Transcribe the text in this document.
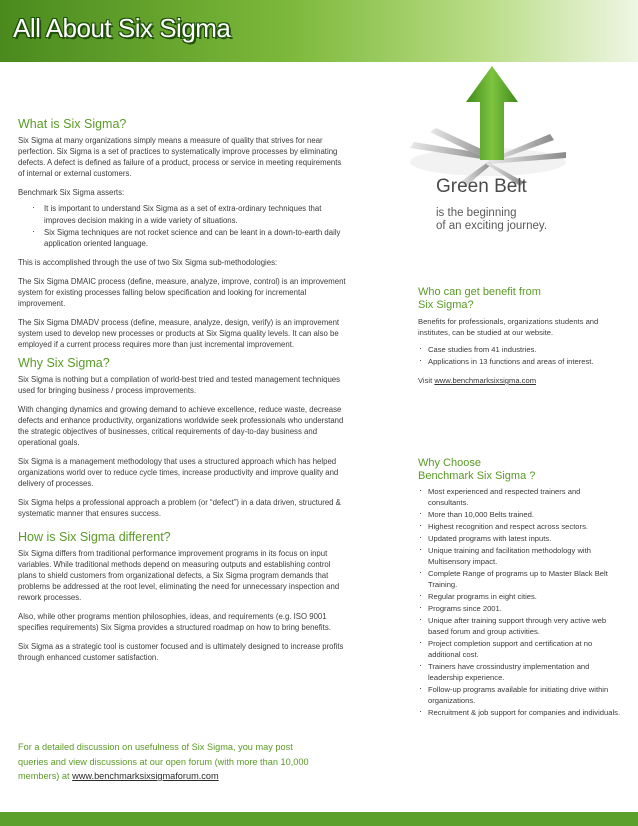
All About Six Sigma
What is Six Sigma?

Six Sigma at many organizations simply means a measure of quality that strives for near perfection. Six Sigma is a set of practices to systematically improve processes by eliminating defects. A defect is defined as failure of a product, process or service in meeting requirements of internal or external customers.

Benchmark Six Sigma asserts:

· It is important to understand Six Sigma as a set of extra-ordinary techniques that improves decision making in a wide variety of situations.
· Six Sigma techniques are not rocket science and can be leant in a down-to-earth daily application oriented language.

This is accomplished through the use of two Six Sigma sub-methodologies:

The Six Sigma DMAIC process (define, measure, analyze, improve, control) is an improvement system for existing processes falling below specification and looking for incremental improvement.

The Six Sigma DMADV process (define, measure, analyze, design, verify) is an improvement system used to develop new processes or products at Six Sigma quality levels. It can also be employed if a current process requires more than just incremental improvement.

Why Six Sigma?

Six Sigma is nothing but a compilation of world-best tried and tested management techniques used for bringing business / process improvements.

With changing dynamics and growing demand to achieve excellence, reduce waste, decrease defects and enhance productivity, organizations worldwide seek professionals who understand the strategic objectives of businesses, critical requirements of day-to-day business and operational goals.

Six Sigma is a management methodology that uses a structured approach which has helped organizations world over to reduce cycle times, increase productivity and improve quality and delivery of processes.

Six Sigma helps a professional approach a problem (or “defect”) in a data driven, structured & systematic manner that ensures success.

How is Six Sigma different?

Six Sigma differs from traditional performance improvement programs in its focus on input variables. While traditional methods depend on measuring outputs and establishing control plans to shield customers from organizational defects, a Six Sigma program demands that problems be addressed at the root level, eliminating the need for unnecessary inspection and rework processes.

Also, while other programs mention philosophies, ideas, and requirements (e.g. ISO 9001 specifies requirements) Six Sigma provides a structured roadmap on how to bring benefits.

Six Sigma as a strategic tool is customer focused and is ultimately designed to increase profits through enhanced customer satisfaction.

For a detailed discussion on usefulness of Six Sigma, you may post queries and view discussions at our open forum (with more than 10,000 members) at www.benchmarksixsigmaforum.com
Green Belt
is the beginning
of an exciting journey.
Who can get benefit from
Six Sigma?

Benefits for professionals, organizations students and institutes, can be studied at our website.

· Case studies from 41 industries.
· Applications in 13 functions and areas of interest.

Visit www.benchmarksixsigma.com

Why Choose
Benchmark Six Sigma ?
· Most experienced and respected trainers and consultants.
· More than 10,000 Belts trained.
· Highest recognition and respect across sectors.
· Updated programs with latest inputs.
· Unique training and facilitation methodology with Multisensory impact.
· Complete Range of programs up to Master Black Belt Training.
· Regular programs in eight cities.
· Programs since 2001.
· Unique after training support through very active web based forum and group activities.
· Project completion support and certification at no additional cost.
· Trainers have crossindustry implementation and leadership experience.
· Follow-up programs available for initiating drive within organizations.
· Recruitment & job support for companies and individuals.
